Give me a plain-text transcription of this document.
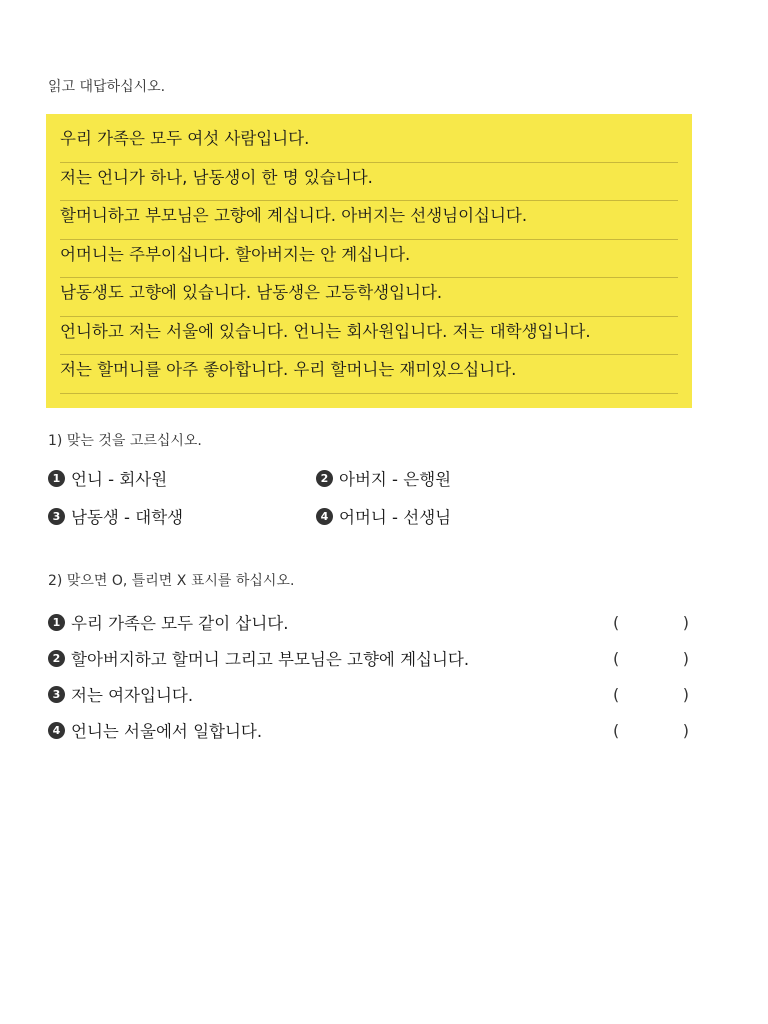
읽고 대답하십시오.
우리 가족은 모두 여섯 사람입니다.
저는 언니가 하나, 남동생이 한 명 있습니다.
할머니하고 부모님은 고향에 계십니다. 아버지는 선생님이십니다.
어머니는 주부이십니다. 할아버지는 안 계십니다.
남동생도 고향에 있습니다. 남동생은 고등학생입니다.
언니하고 저는 서울에 있습니다. 언니는 회사원입니다. 저는 대학생입니다.
저는 할머니를 아주 좋아합니다. 우리 할머니는 재미있으십니다.
1) 맞는 것을 고르십시오.
1 언니 - 회사원	2 아버지 - 은행원
3 남동생 - 대학생	4 어머니 - 선생님
2) 맞으면 O, 틀리면 X 표시를 하십시오.
1 우리 가족은 모두 같이 삽니다.	(	)
2 할아버지하고 할머니 그리고 부모님은 고향에 계십니다.	(	)
3 저는 여자입니다.	(	)
4 언니는 서울에서 일합니다.	(	)
